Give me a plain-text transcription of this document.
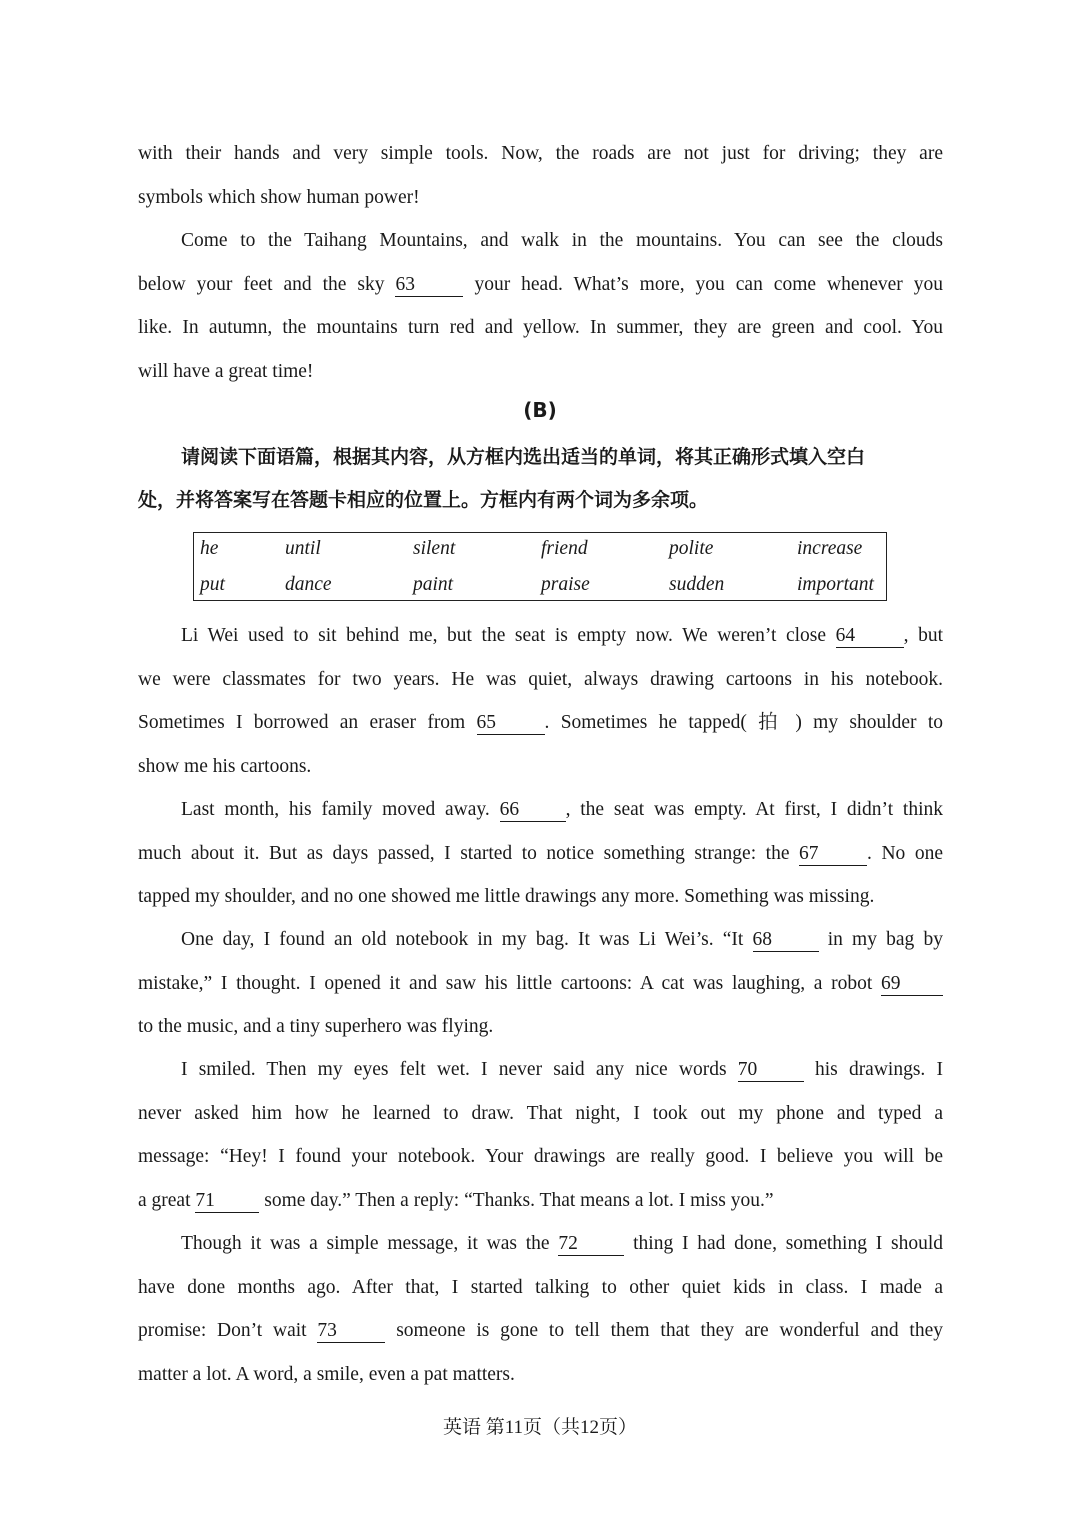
with their hands and very simple tools. Now, the roads are not just for driving; they are
symbols which show human power!
Come to the Taihang Mountains, and walk in the mountains. You can see the clouds
below your feet and the sky 63 your head. What’s more, you can come whenever you
like. In autumn, the mountains turn red and yellow. In summer, they are green and cool. You
will have a great time!
(B)
请阅读下面语篇，根据其内容，从方框内选出适当的单词，将其正确形式填入空白
处，并将答案写在答题卡相应的位置上。方框内有两个词为多余项。
he	until	silent	friend	polite	increase
put	dance	paint	praise	sudden	important
Li Wei used to sit behind me, but the seat is empty now. We weren’t close 64 , but
we were classmates for two years. He was quiet, always drawing cartoons in his notebook.
Sometimes I borrowed an eraser from 65 . Sometimes he tapped( 拍 ) my shoulder to
show me his cartoons.
Last month, his family moved away. 66 , the seat was empty. At first, I didn’t think
much about it. But as days passed, I started to notice something strange: the 67 . No one
tapped my shoulder, and no one showed me little drawings any more. Something was missing.
One day, I found an old notebook in my bag. It was Li Wei’s. “It 68 in my bag by
mistake,” I thought. I opened it and saw his little cartoons: A cat was laughing, a robot 69
to the music, and a tiny superhero was flying.
I smiled. Then my eyes felt wet. I never said any nice words 70 his drawings. I
never asked him how he learned to draw. That night, I took out my phone and typed a
message: “Hey! I found your notebook. Your drawings are really good. I believe you will be
a great 71 some day.” Then a reply: “Thanks. That means a lot. I miss you.”
Though it was a simple message, it was the 72 thing I had done, something I should
have done months ago. After that, I started talking to other quiet kids in class. I made a
promise: Don’t wait 73 someone is gone to tell them that they are wonderful and they
matter a lot. A word, a smile, even a pat matters.
英语 第11页（共12页）
